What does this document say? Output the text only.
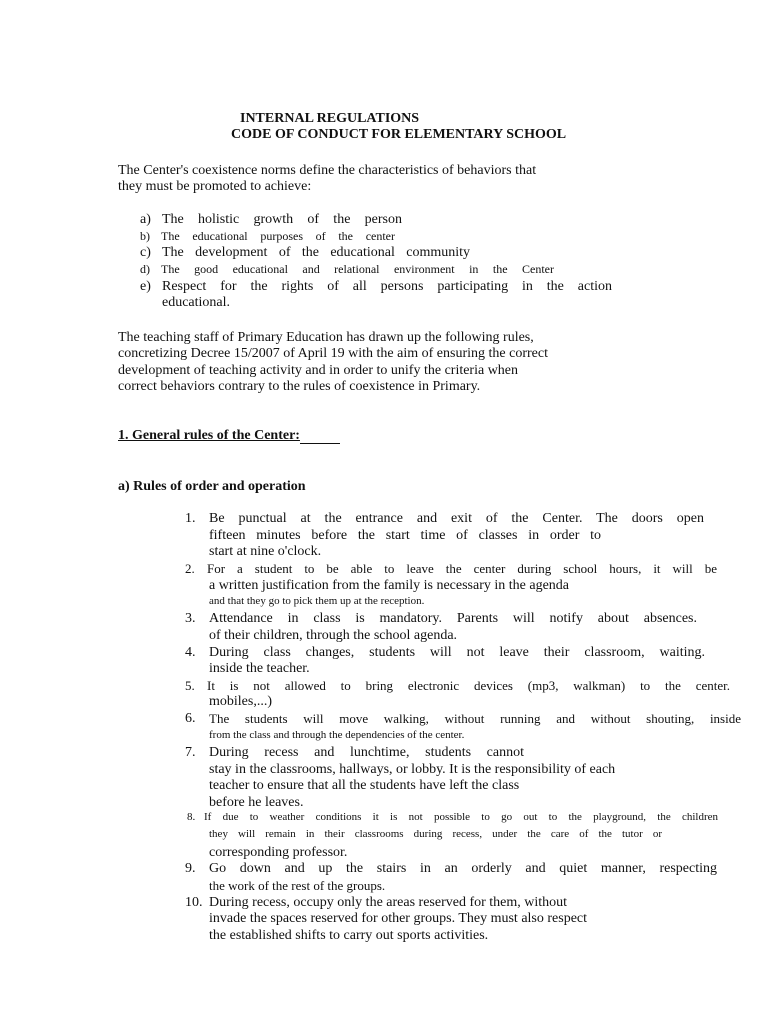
INTERNAL REGULATIONS
CODE OF CONDUCT FOR ELEMENTARY SCHOOL
The Center's coexistence norms define the characteristics of behaviors that
they must be promoted to achieve:
a) The holistic growth of the person
b) The educational purposes of the center
c) The development of the educational community
d) The good educational and relational environment in the Center
e) Respect for the rights of all persons participating in the action
educational.
The teaching staff of Primary Education has drawn up the following rules,
concretizing Decree 15/2007 of April 19 with the aim of ensuring the correct
development of teaching activity and in order to unify the criteria when
correct behaviors contrary to the rules of coexistence in Primary.
1. General rules of the Center:
a) Rules of order and operation
1. Be punctual at the entrance and exit of the Center. The doors open
fifteen minutes before the start time of classes in order to
start at nine o'clock.
2. For a student to be able to leave the center during school hours, it will be
a written justification from the family is necessary in the agenda
and that they go to pick them up at the reception.
3. Attendance in class is mandatory. Parents will notify about absences.
of their children, through the school agenda.
4. During class changes, students will not leave their classroom, waiting.
inside the teacher.
5. It is not allowed to bring electronic devices (mp3, walkman) to the center.
mobiles,...)
6. The students will move walking, without running and without shouting, inside
from the class and through the dependencies of the center.
7. During recess and lunchtime, students cannot
stay in the classrooms, hallways, or lobby. It is the responsibility of each
teacher to ensure that all the students have left the class
before he leaves.
8. If due to weather conditions it is not possible to go out to the playground, the children
they will remain in their classrooms during recess, under the care of the tutor or
corresponding professor.
9. Go down and up the stairs in an orderly and quiet manner, respecting
the work of the rest of the groups.
10. During recess, occupy only the areas reserved for them, without
invade the spaces reserved for other groups. They must also respect
the established shifts to carry out sports activities.
